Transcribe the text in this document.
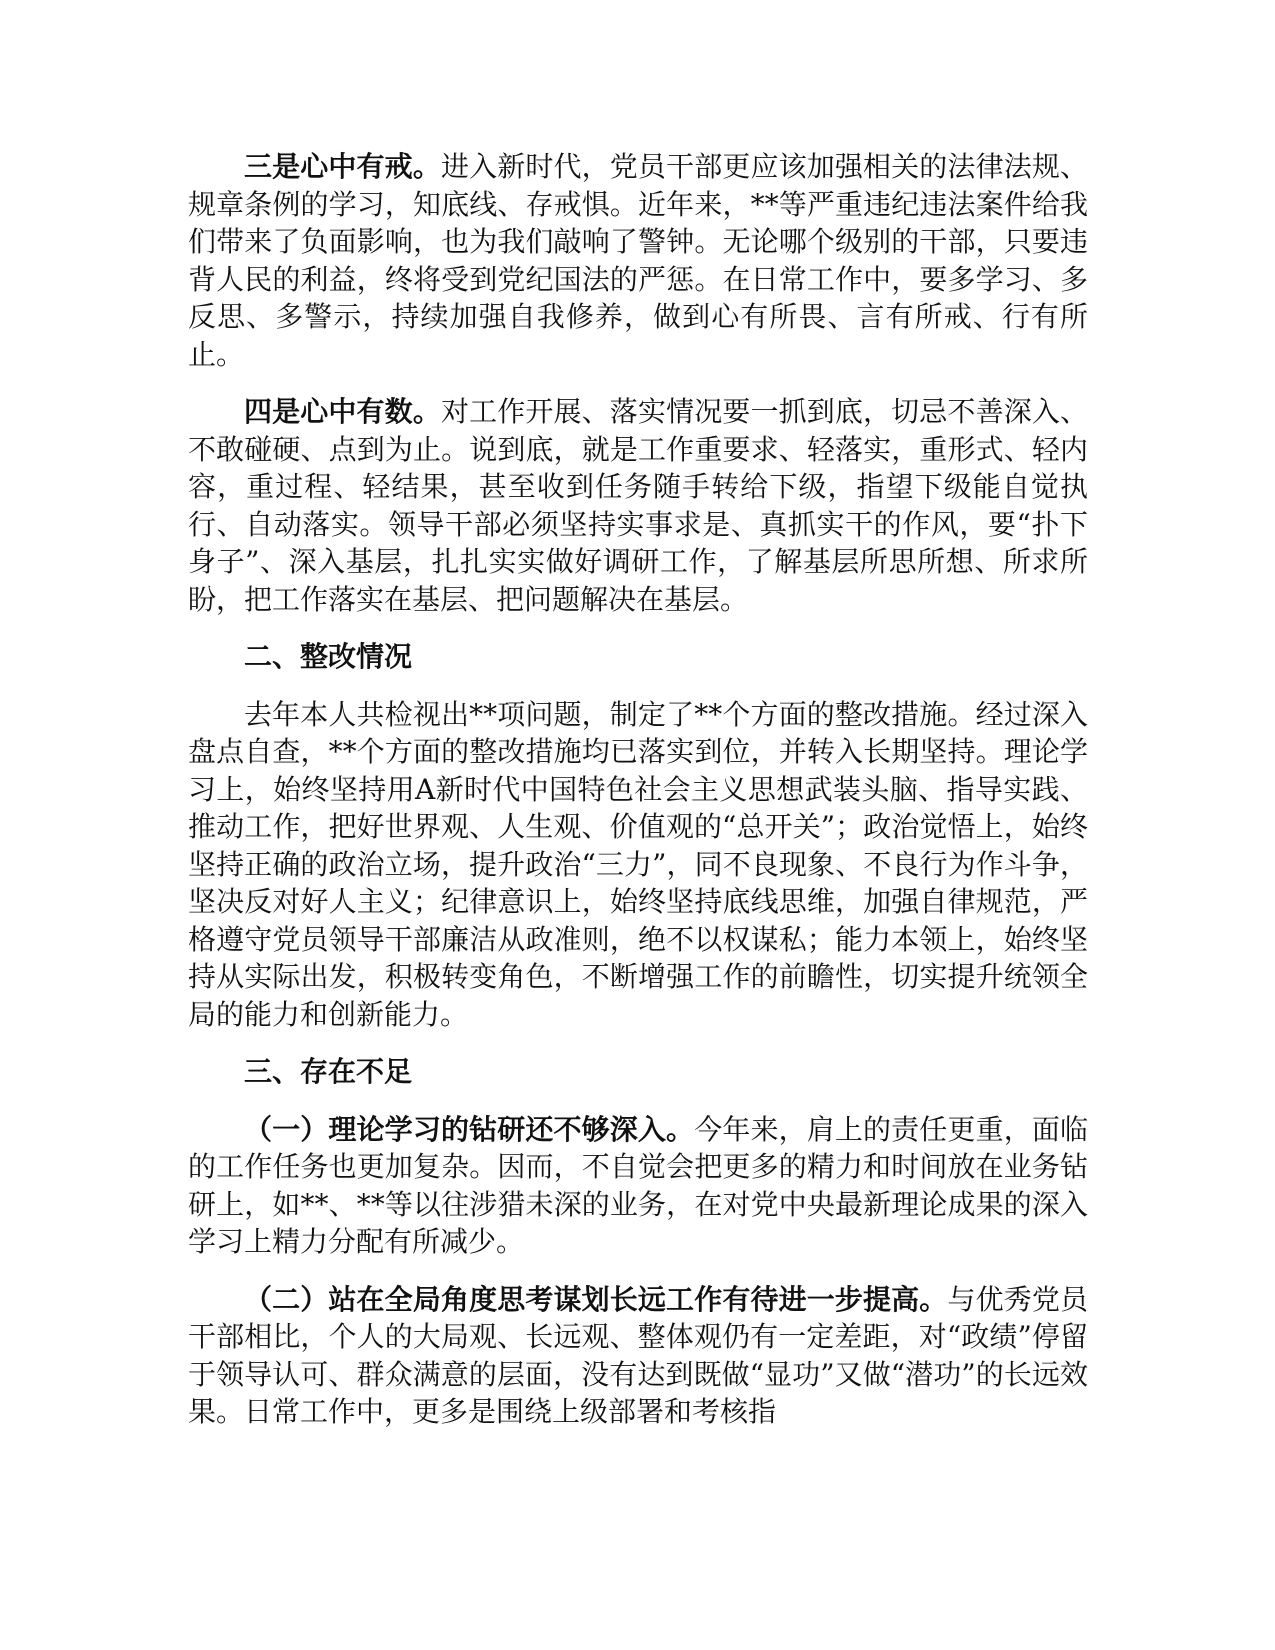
三是心中有戒。进入新时代，党员干部更应该加强相关的法律法规、规章条例的学习，知底线、存戒惧。近年来，**等严重违纪违法案件给我们带来了负面影响，也为我们敲响了警钟。无论哪个级别的干部，只要违背人民的利益，终将受到党纪国法的严惩。在日常工作中，要多学习、多反思、多警示，持续加强自我修养，做到心有所畏、言有所戒、行有所止。

四是心中有数。对工作开展、落实情况要一抓到底，切忌不善深入、不敢碰硬、点到为止。说到底，就是工作重要求、轻落实，重形式、轻内容，重过程、轻结果，甚至收到任务随手转给下级，指望下级能自觉执行、自动落实。领导干部必须坚持实事求是、真抓实干的作风，要“扑下身子”、深入基层，扎扎实实做好调研工作，了解基层所思所想、所求所盼，把工作落实在基层、把问题解决在基层。

二、整改情况

去年本人共检视出**项问题，制定了**个方面的整改措施。经过深入盘点自查，**个方面的整改措施均已落实到位，并转入长期坚持。理论学习上，始终坚持用A新时代中国特色社会主义思想武装头脑、指导实践、推动工作，把好世界观、人生观、价值观的“总开关”；政治觉悟上，始终坚持正确的政治立场，提升政治“三力”，同不良现象、不良行为作斗争，坚决反对好人主义；纪律意识上，始终坚持底线思维，加强自律规范，严格遵守党员领导干部廉洁从政准则，绝不以权谋私；能力本领上，始终坚持从实际出发，积极转变角色，不断增强工作的前瞻性，切实提升统领全局的能力和创新能力。

三、存在不足

（一）理论学习的钻研还不够深入。今年来，肩上的责任更重，面临的工作任务也更加复杂。因而，不自觉会把更多的精力和时间放在业务钻研上，如**、**等以往涉猎未深的业务，在对党中央最新理论成果的深入学习上精力分配有所减少。

（二）站在全局角度思考谋划长远工作有待进一步提高。与优秀党员干部相比，个人的大局观、长远观、整体观仍有一定差距，对“政绩”停留于领导认可、群众满意的层面，没有达到既做“显功”又做“潜功”的长远效果。日常工作中，更多是围绕上级部署和考核指
